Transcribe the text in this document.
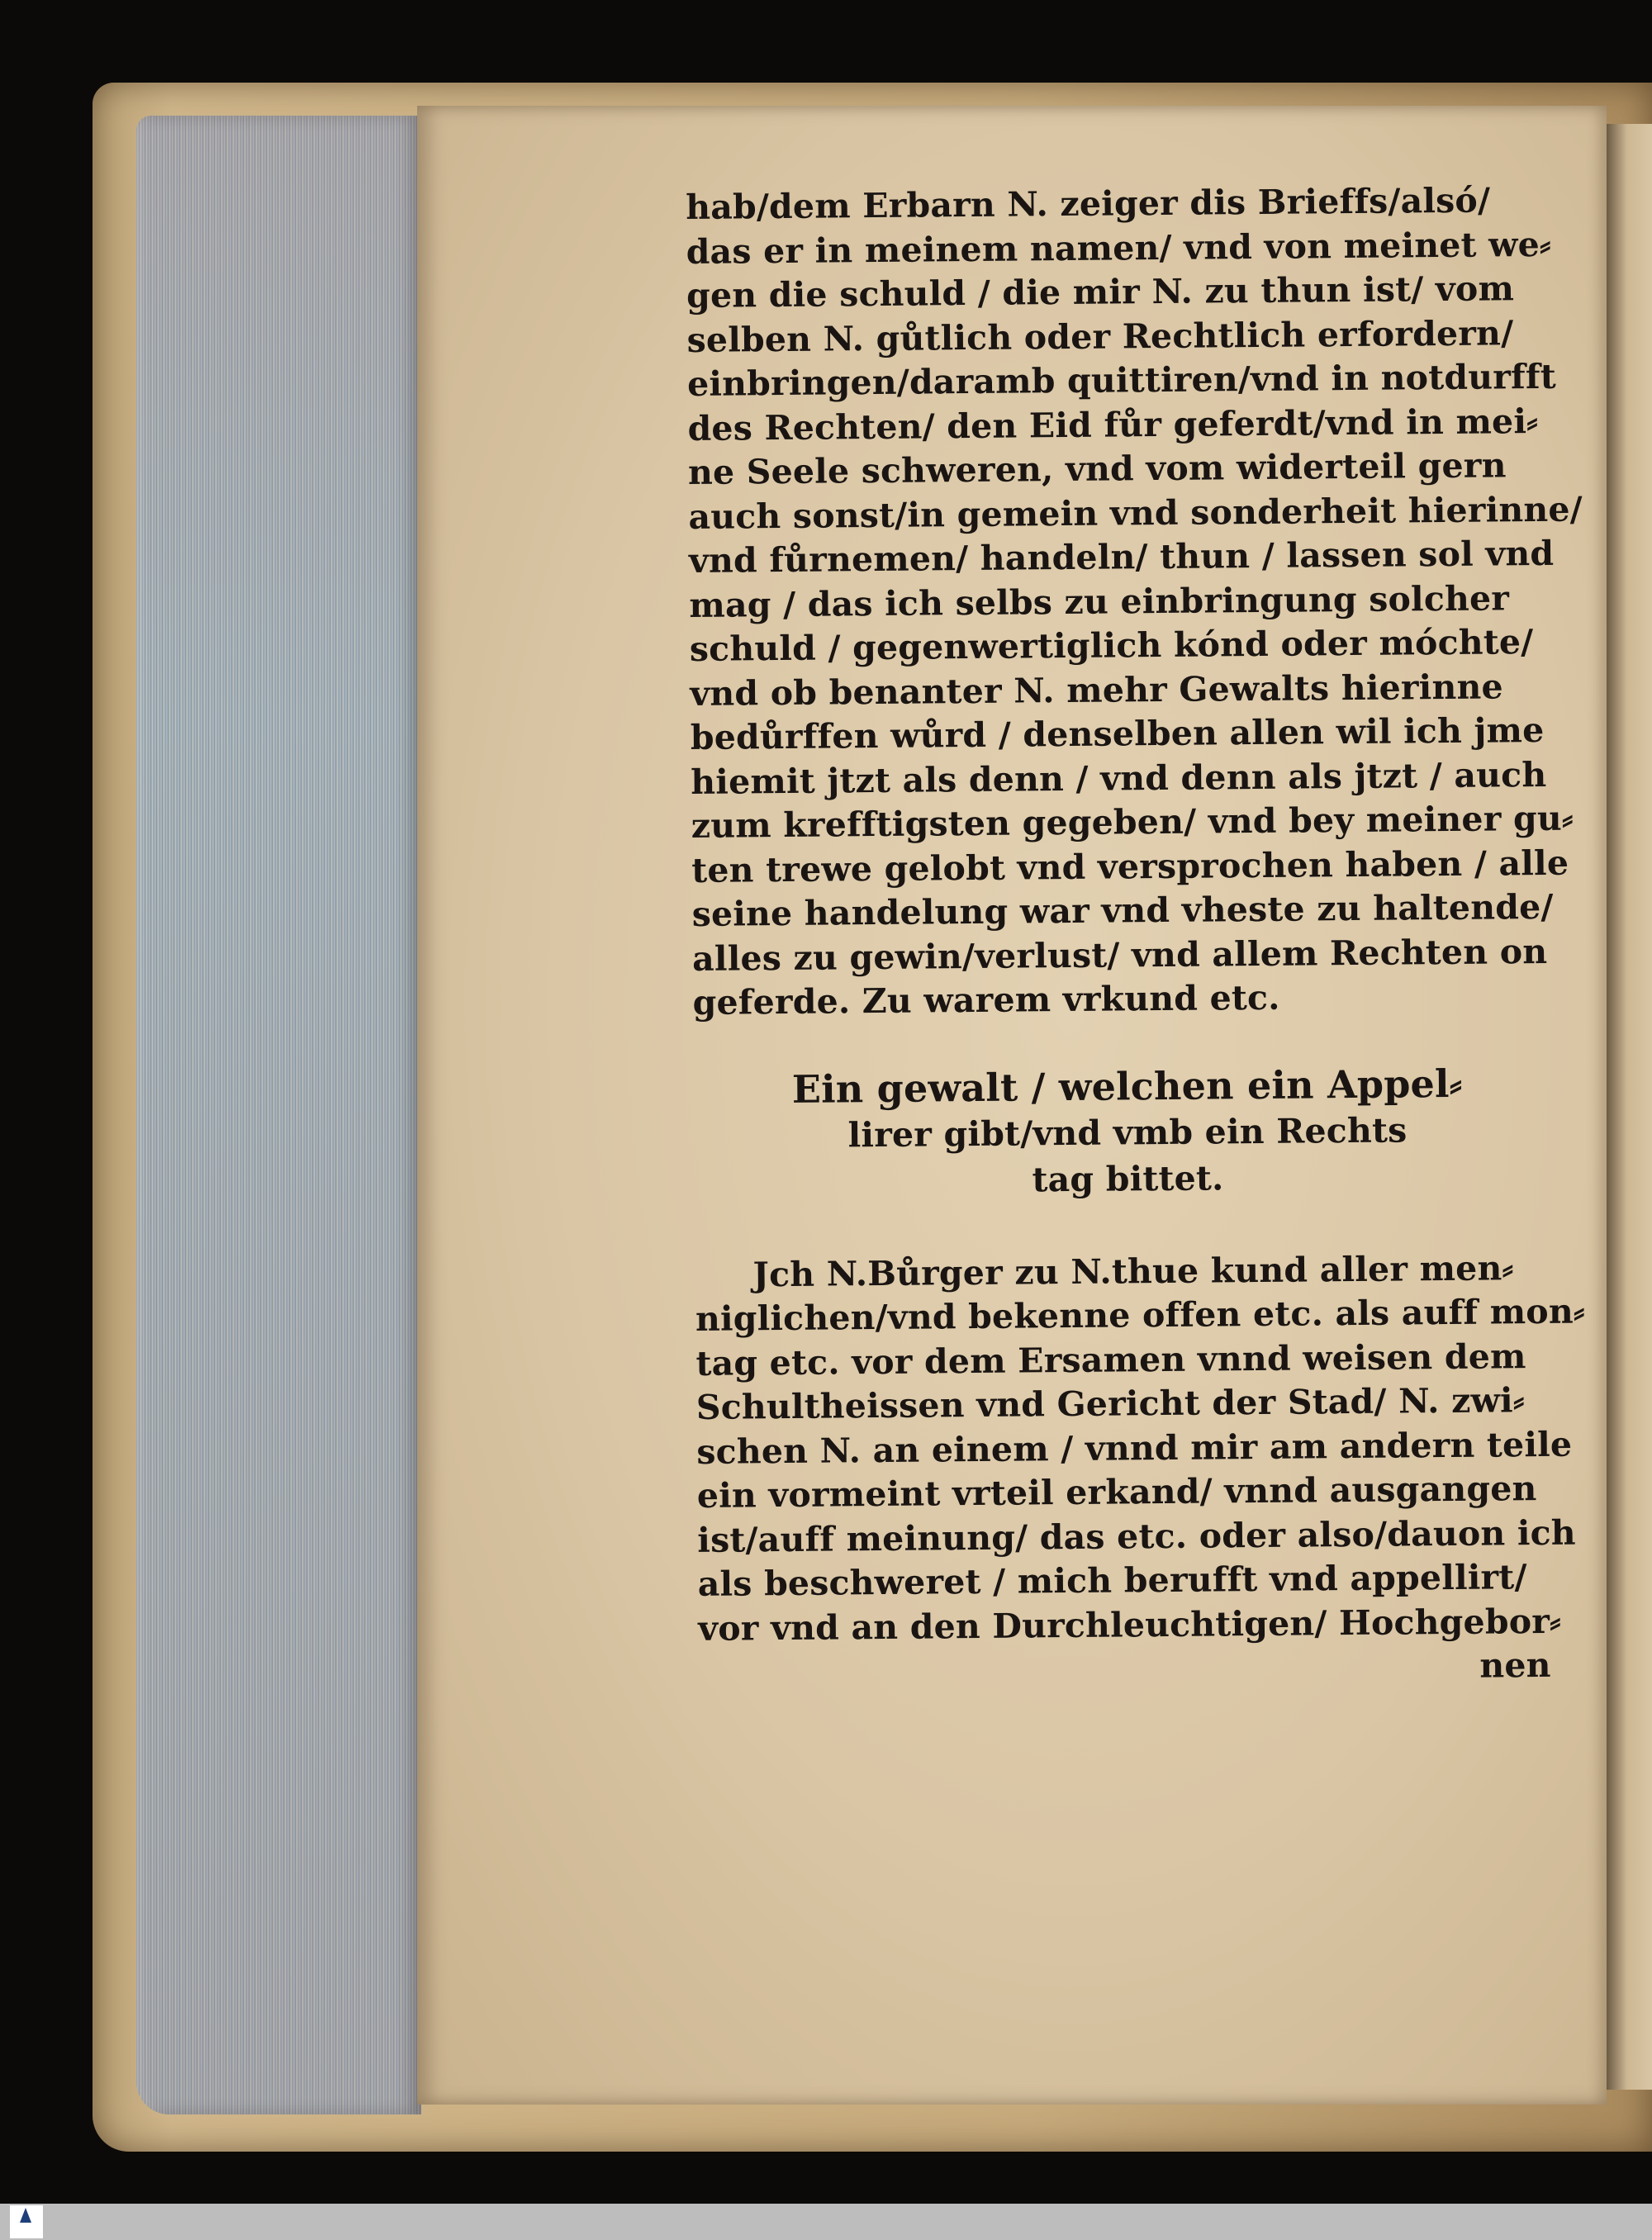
hab/dem Erbarn N. zeiger dis Brieffs/alsó/
das er in meinem namen/ vnd von meinet we⸗
gen die schuld / die mir N. zu thun ist/ vom
selben N. gůtlich oder Rechtlich erfordern/
einbringen/daramb quittiren/vnd in notdurfft
des Rechten/ den Eid fůr geferdt/vnd in mei⸗
ne Seele schweren, vnd vom widerteil gern
auch sonst/in gemein vnd sonderheit hierinne/
vnd fůrnemen/ handeln/ thun / lassen sol vnd
mag / das ich selbs zu einbringung solcher
schuld / gegenwertiglich kónd oder móchte/
vnd ob benanter N. mehr Gewalts hierinne
bedůrffen wůrd / denselben allen wil ich jme
hiemit jtzt als denn / vnd denn als jtzt / auch
zum krefftigsten gegeben/ vnd bey meiner gu⸗
ten trewe gelobt vnd versprochen haben / alle
seine handelung war vnd vheste zu haltende/
alles zu gewin/verlust/ vnd allem Rechten on
geferde. Zu warem vrkund etc.
Ein gewalt / welchen ein Appel⸗
lirer gibt/vnd vmb ein Rechts
tag bittet.
Jch N.Bůrger zu N.thue kund aller men⸗
niglichen/vnd bekenne offen etc. als auff mon⸗
tag etc. vor dem Ersamen vnnd weisen dem
Schultheissen vnd Gericht der Stad/ N. zwi⸗
schen N. an einem / vnnd mir am andern teile
ein vormeint vrteil erkand/ vnnd ausgangen
ist/auff meinung/ das etc. oder also/dauon ich
als beschweret / mich berufft vnd appellirt/
vor vnd an den Durchleuchtigen/ Hochgebor⸗
nen
